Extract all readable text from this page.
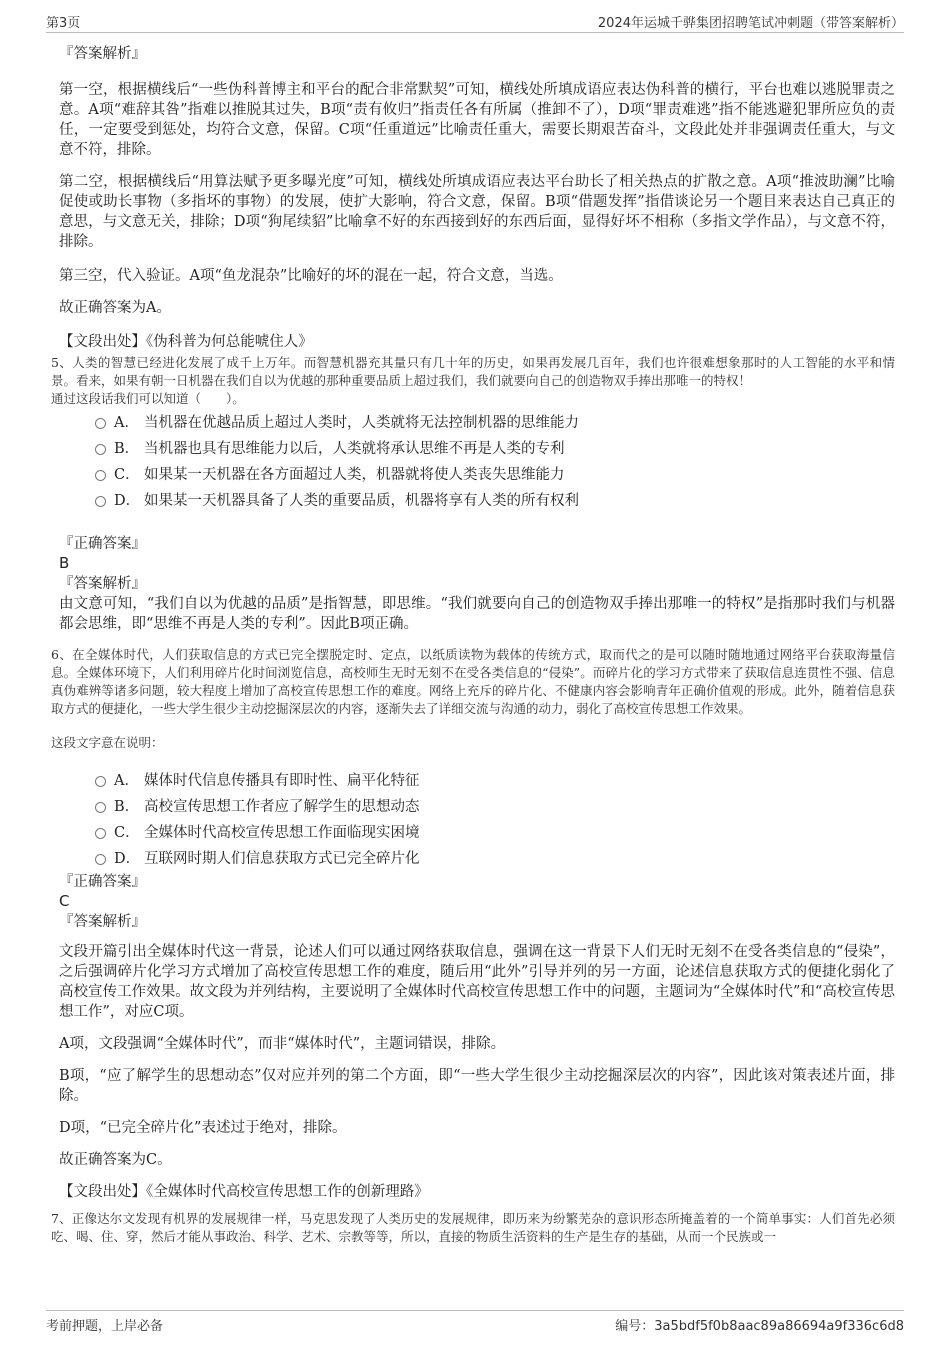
第3页	2024年运城千骅集团招聘笔试冲刺题（带答案解析）
『答案解析』

第一空，根据横线后“一些伪科普博主和平台的配合非常默契”可知，横线处所填成语应表达伪科普的横行，平台也难以逃脱罪责之意。A项“难辞其咎”指难以推脱其过失，B项“责有攸归”指责任各有所属（推卸不了），D项“罪责难逃”指不能逃避犯罪所应负的责任，一定要受到惩处，均符合文意，保留。C项“任重道远”比喻责任重大，需要长期艰苦奋斗，文段此处并非强调责任重大，与文意不符，排除。

第二空，根据横线后“用算法赋予更多曝光度”可知，横线处所填成语应表达平台助长了相关热点的扩散之意。A项“推波助澜”比喻促使或助长事物（多指坏的事物）的发展，使扩大影响，符合文意，保留。B项“借题发挥”指借谈论另一个题目来表达自己真正的意思，与文意无关，排除；D项“狗尾续貂”比喻拿不好的东西接到好的东西后面，显得好坏不相称（多指文学作品），与文意不符，排除。

第三空，代入验证。A项“鱼龙混杂”比喻好的坏的混在一起，符合文意，当选。

故正确答案为A。

【文段出处】《伪科普为何总能唬住人》

5、人类的智慧已经进化发展了成千上万年。而智慧机器充其量只有几十年的历史，如果再发展几百年，我们也许很难想象那时的人工智能的水平和情景。看来，如果有朝一日机器在我们自以为优越的那种重要品质上超过我们，我们就要向自己的创造物双手捧出那唯一的特权！

通过这段话我们可以知道（　　）。

A． 当机器在优越品质上超过人类时，人类就将无法控制机器的思维能力
B． 当机器也具有思维能力以后，人类就将承认思维不再是人类的专利
C． 如果某一天机器在各方面超过人类，机器就将使人类丧失思维能力
D． 如果某一天机器具备了人类的重要品质，机器将享有人类的所有权利
『正确答案』
B
『答案解析』

由文意可知，“我们自以为优越的品质”是指智慧，即思维。“我们就要向自己的创造物双手捧出那唯一的特权”是指那时我们与机器都会思维，即“思维不再是人类的专利”。因此B项正确。

6、在全媒体时代，人们获取信息的方式已完全摆脱定时、定点，以纸质读物为载体的传统方式，取而代之的是可以随时随地通过网络平台获取海量信息。全媒体环境下，人们利用碎片化时间浏览信息，高校师生无时无刻不在受各类信息的“侵染”。而碎片化的学习方式带来了获取信息连贯性不强、信息真伪难辨等诸多问题，较大程度上增加了高校宣传思想工作的难度。网络上充斥的碎片化、不健康内容会影响青年正确价值观的形成。此外，随着信息获取方式的便捷化，一些大学生很少主动挖掘深层次的内容，逐渐失去了详细交流与沟通的动力，弱化了高校宣传思想工作效果。

这段文字意在说明：

A． 媒体时代信息传播具有即时性、扁平化特征
B． 高校宣传思想工作者应了解学生的思想动态
C． 全媒体时代高校宣传思想工作面临现实困境
D． 互联网时期人们信息获取方式已完全碎片化
『正确答案』
C
『答案解析』

文段开篇引出全媒体时代这一背景，论述人们可以通过网络获取信息，强调在这一背景下人们无时无刻不在受各类信息的“侵染”，之后强调碎片化学习方式增加了高校宣传思想工作的难度，随后用“此外”引导并列的另一方面，论述信息获取方式的便捷化弱化了高校宣传工作效果。故文段为并列结构，主要说明了全媒体时代高校宣传思想工作中的问题，主题词为“全媒体时代”和“高校宣传思想工作”，对应C项。

A项，文段强调“全媒体时代”，而非“媒体时代”，主题词错误，排除。

B项，“应了解学生的思想动态”仅对应并列的第二个方面，即“一些大学生很少主动挖掘深层次的内容”，因此该对策表述片面，排除。

D项，“已完全碎片化”表述过于绝对，排除。

故正确答案为C。

【文段出处】《全媒体时代高校宣传思想工作的创新理路》

7、正像达尔文发现有机界的发展规律一样，马克思发现了人类历史的发展规律，即历来为纷繁芜杂的意识形态所掩盖着的一个简单事实：人们首先必须吃、喝、住、穿，然后才能从事政治、科学、艺术、宗教等等，所以，直接的物质生活资料的生产是生存的基础，从而一个民族或一

考前押题，上岸必备	编号：3a5bdf5f0b8aac89a86694a9f336c6d8
